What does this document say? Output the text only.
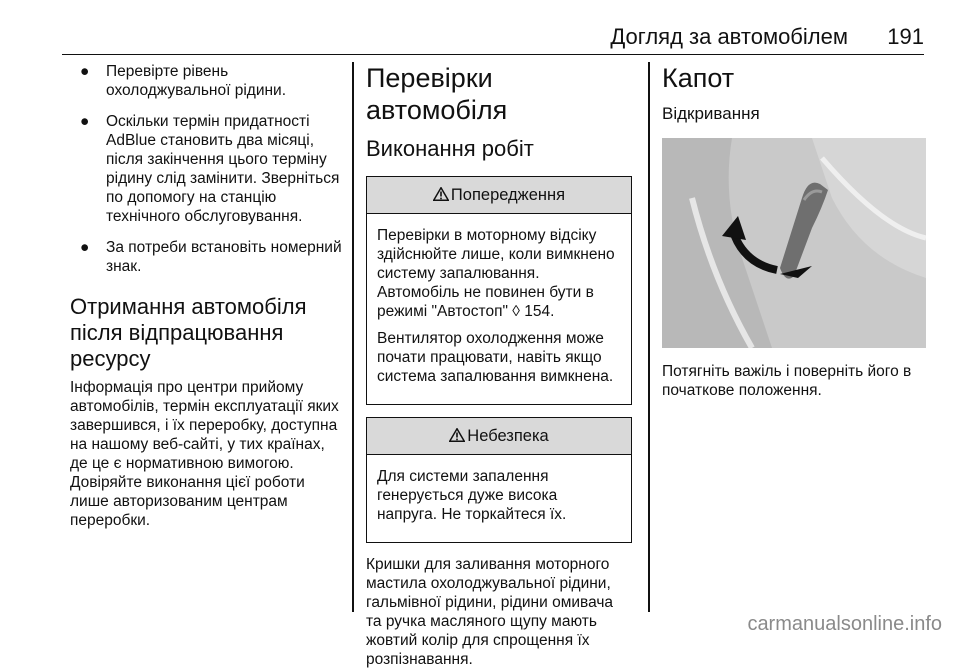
Догляд за автомобілем 191
● Перевірте рівень охолоджувальної рідини.
● Оскільки термін придатності AdBlue становить два місяці, після закінчення цього терміну рідину слід замінити. Зверніться по допомогу на станцію технічного обслуговування.
● За потреби встановіть номерний знак.
Отримання автомобіля після відпрацювання ресурсу
Інформація про центри прийому автомобілів, термін експлуатації яких завершився, і їх переробку, доступна на нашому веб-сайті, у тих країнах, де це є нормативною вимогою. Довіряйте виконання цієї роботи лише авторизованим центрам переробки.
Перевірки автомобіля
Виконання робіт
Попередження

Перевірки в моторному відсіку здійснюйте лише, коли вимкнено систему запалювання. Автомобіль не повинен бути в режимі "Автостоп" ◊ 154.

Вентилятор охолодження може почати працювати, навіть якщо система запалювання вимкнена.

Небезпека

Для системи запалення генерується дуже висока напруга. Не торкайтеся їх.

Кришки для заливання моторного мастила охолоджувальної рідини, гальмівної рідини, рідини омивача та ручка масляного щупу мають жовтий колір для спрощення їх розпізнавання.

Капот
Відкривання

Потягніть важіль і поверніть його в початкове положення.

carmanualsonline.info
